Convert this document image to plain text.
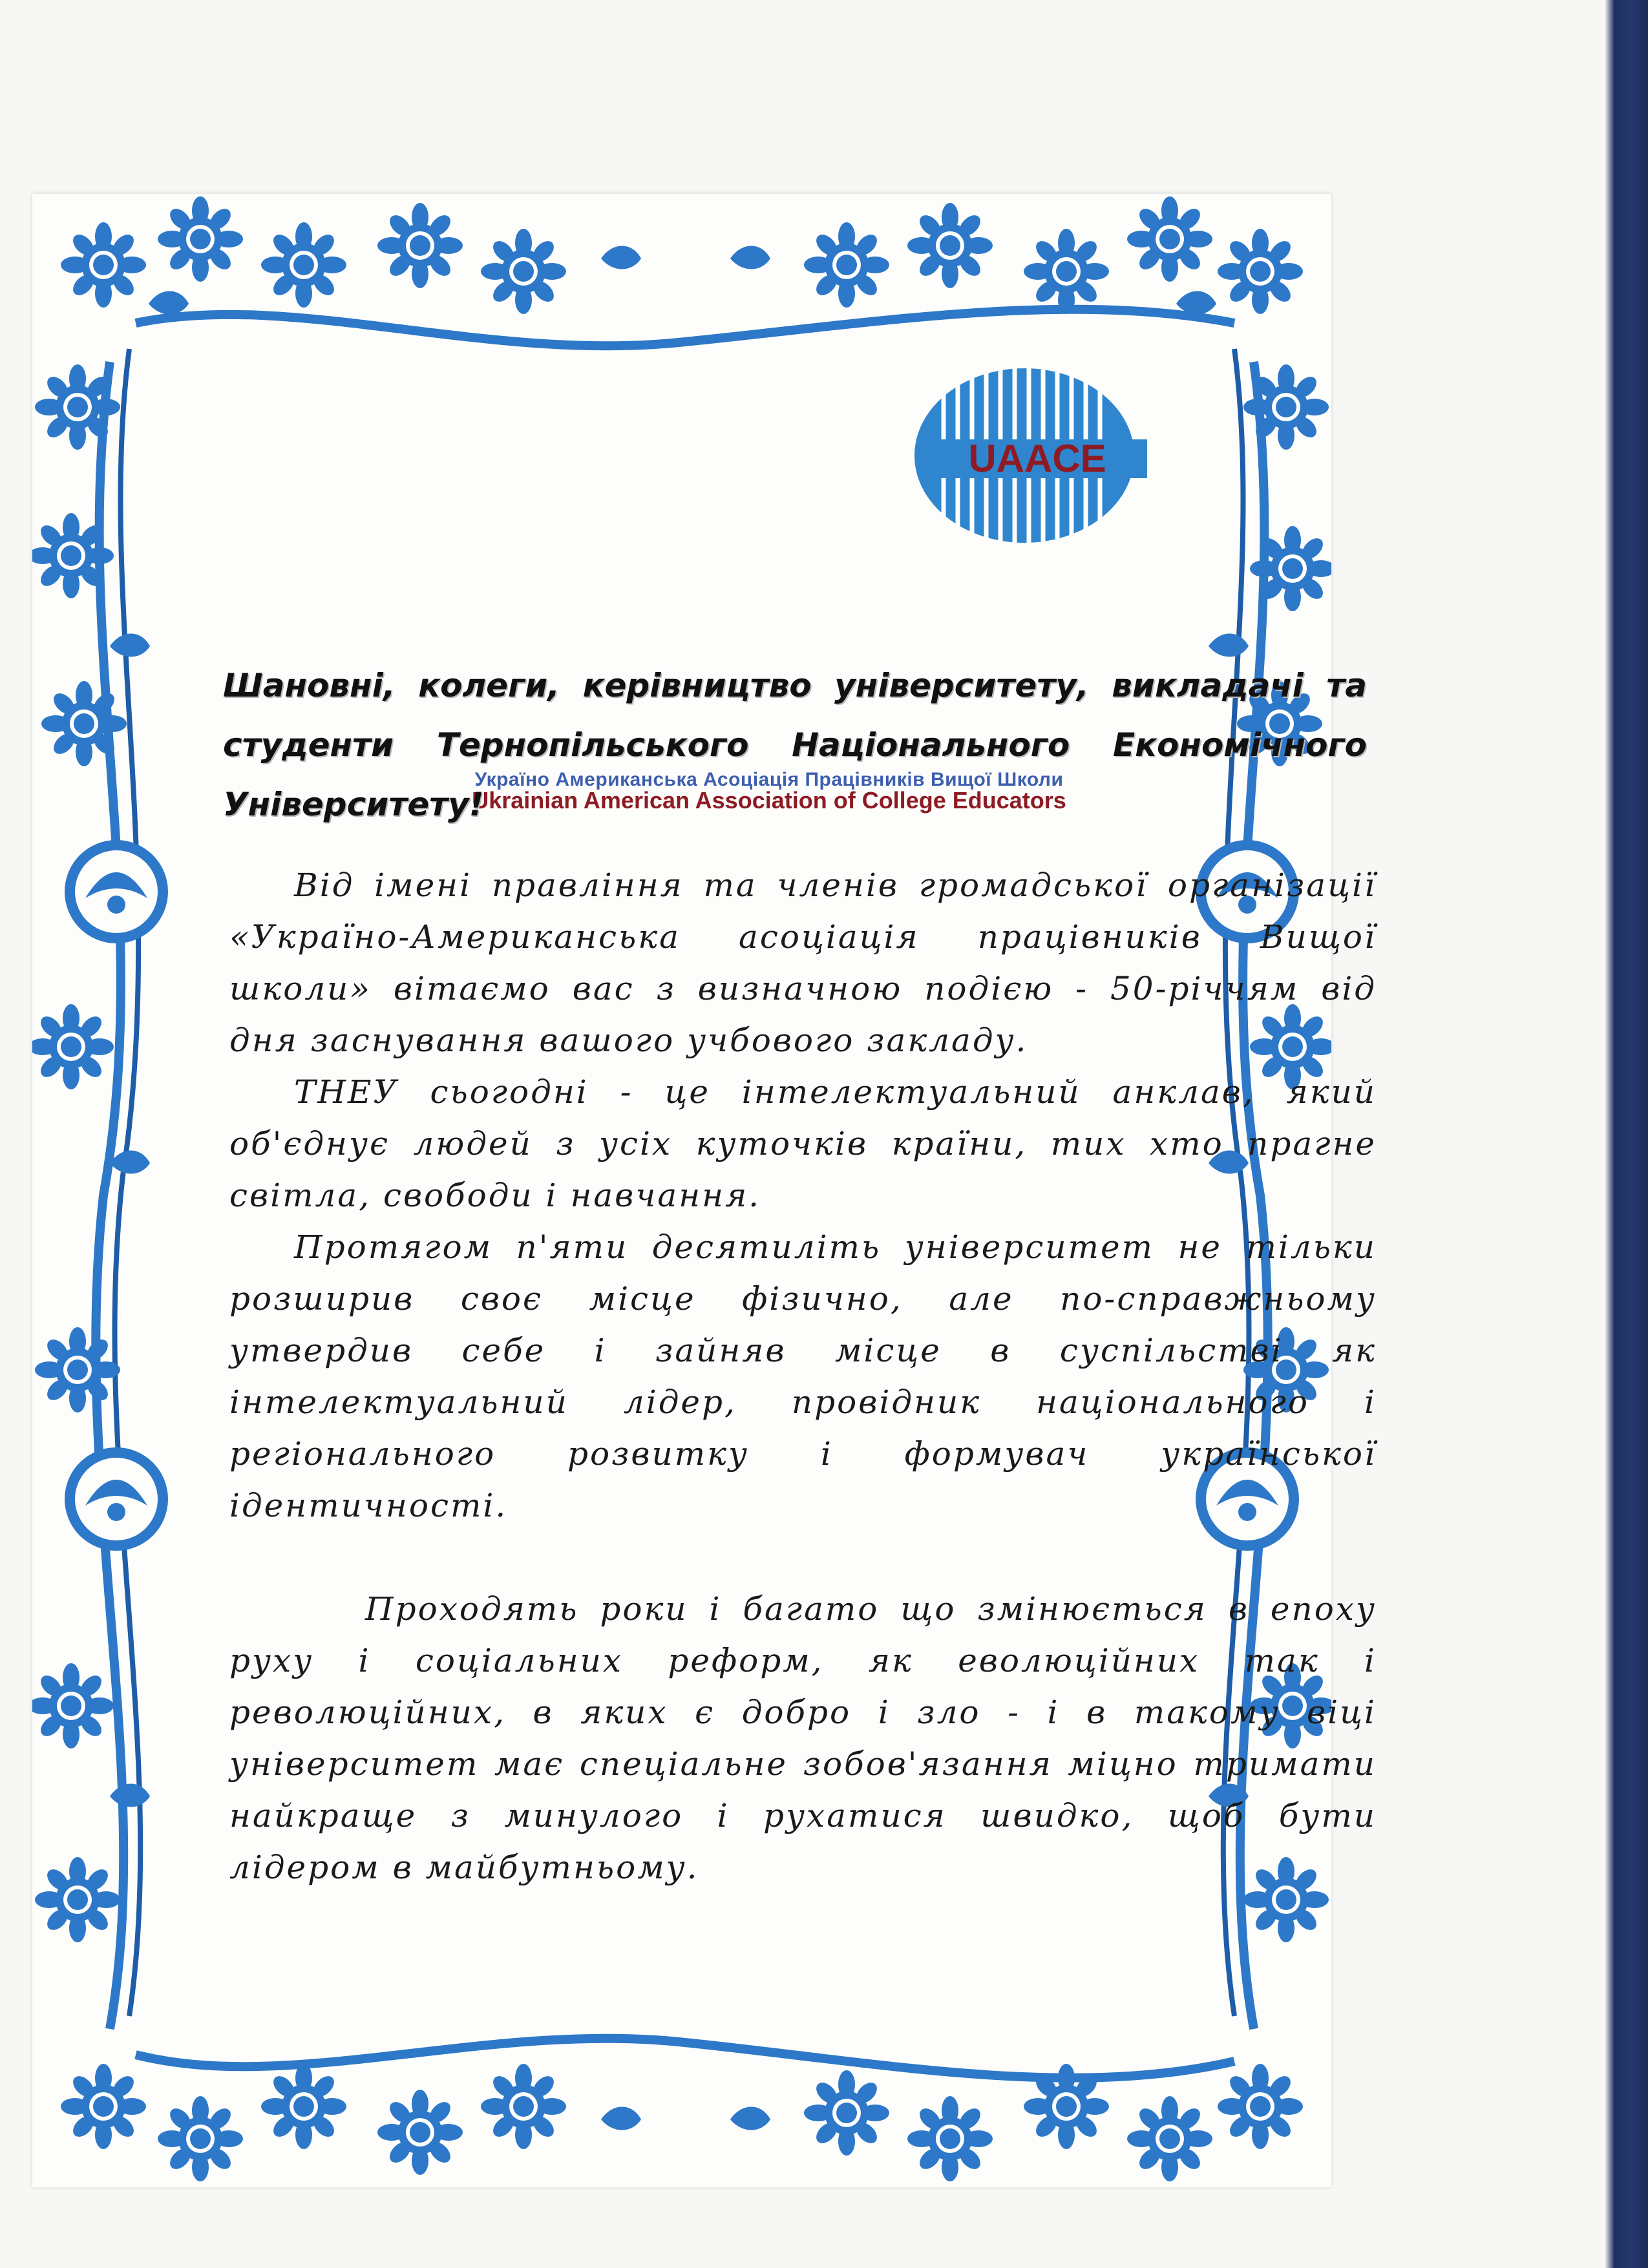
UAACE
Україно Американська Асоціація Працівників Вищої Школи
Ukrainian American Association of College Educators
Шановні, колеги, керівництво університету, викладачі та студенти Тернопільського Національного Економічного Університету!

Від імені правління та членів громадської організації «Україно-Американська асоціація працівників Вищої школи» вітаємо вас з визначною подією - 50-річчям від дня заснування вашого учбового закладу.

ТНЕУ сьогодні - це інтелектуальний анклав, який об'єднує людей з усіх куточків країни, тих хто прагне світла, свободи і навчання.

Протягом п'яти десятиліть університет не тільки розширив своє місце фізично, але по-справжньому утвердив себе і зайняв місце в суспільстві як інтелектуальний лідер, провідник національного і регіонального розвитку і формувач української ідентичності.

Проходять роки і багато що змінюється в епоху руху і соціальних реформ, як еволюційних так і революційних, в яких є добро і зло - і в такому віці університет має спеціальне зобов'язання міцно тримати найкраще з минулого і рухатися швидко, щоб бути лідером в майбутньому.
